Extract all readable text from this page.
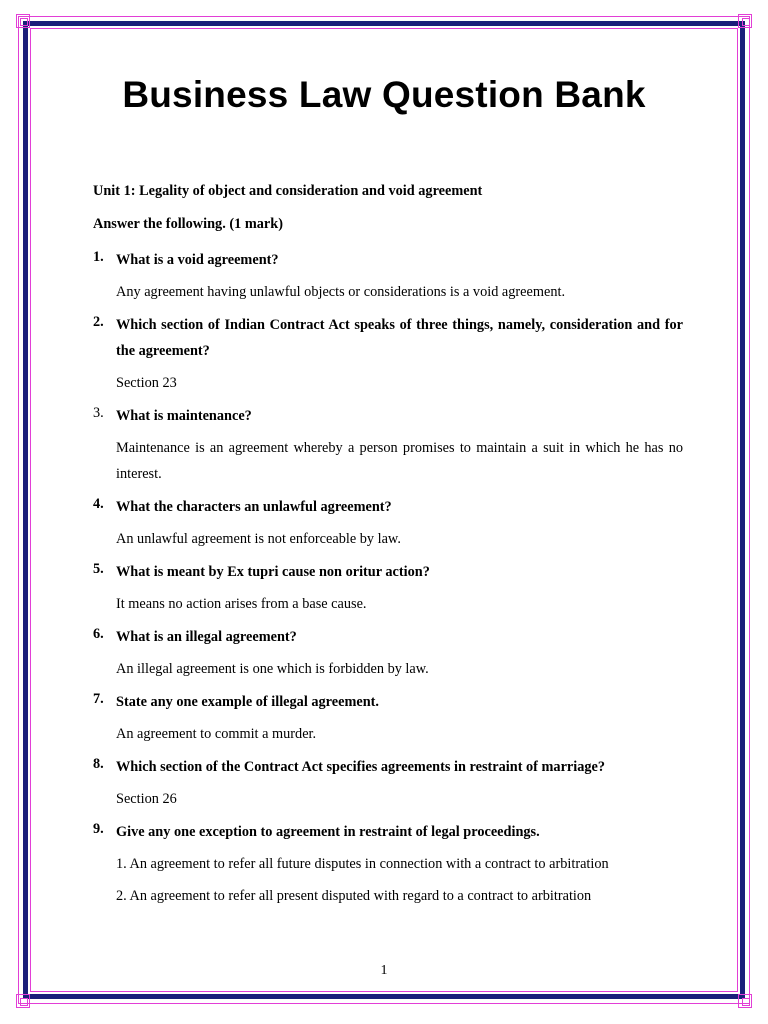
Business Law Question Bank

Unit 1: Legality of object and consideration and void agreement

Answer the following. (1 mark)

1. What is a void agreement?

Any agreement having unlawful objects or considerations is a void agreement.

2. Which section of Indian Contract Act speaks of three things, namely, consideration and for the agreement?

Section 23

3. What is maintenance?

Maintenance is an agreement whereby a person promises to maintain a suit in which he has no interest.

4. What the characters an unlawful agreement?

An unlawful agreement is not enforceable by law.

5. What is meant by Ex tupri cause non oritur action?

It means no action arises from a base cause.

6. What is an illegal agreement?

An illegal agreement is one which is forbidden by law.

7. State any one example of illegal agreement.

An agreement to commit a murder.

8. Which section of the Contract Act specifies agreements in restraint of marriage?

Section 26

9. Give any one exception to agreement in restraint of legal proceedings.

1. An agreement to refer all future disputes in connection with a contract to arbitration

2. An agreement to refer all present disputed with regard to a contract to arbitration

1
